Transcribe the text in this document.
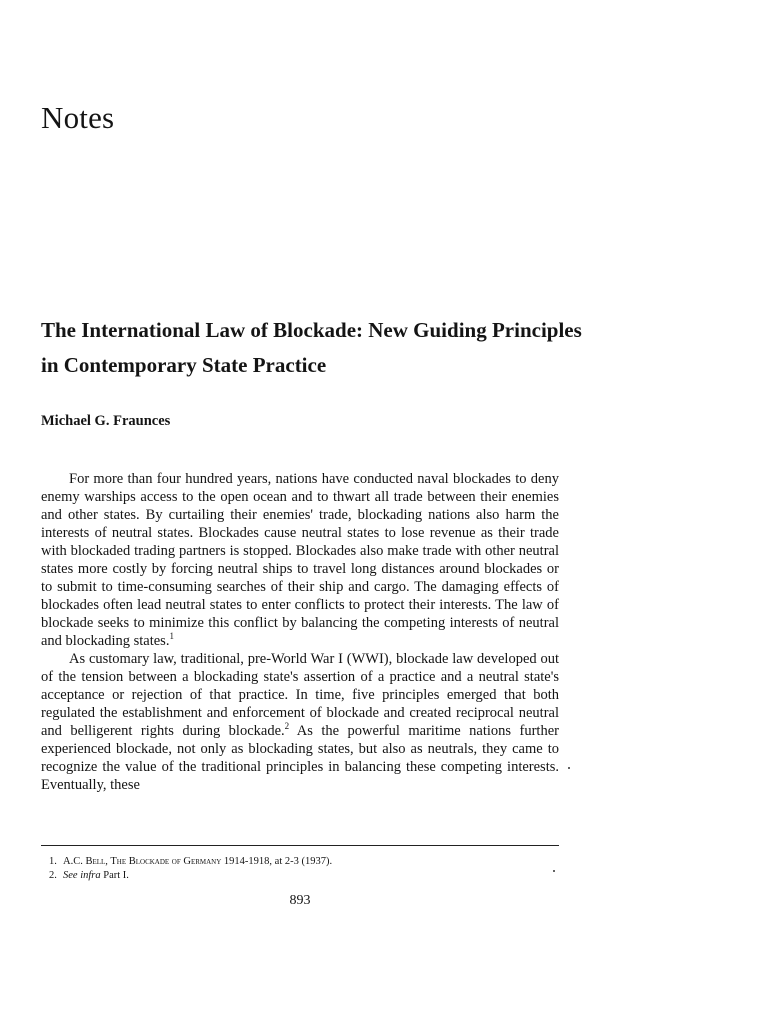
Notes
The International Law of Blockade: New Guiding Principles in Contemporary State Practice

Michael G. Fraunces

For more than four hundred years, nations have conducted naval blockades to deny enemy warships access to the open ocean and to thwart all trade between their enemies and other states. By curtailing their enemies' trade, blockading nations also harm the interests of neutral states. Blockades cause neutral states to lose revenue as their trade with blockaded trading partners is stopped. Blockades also make trade with other neutral states more costly by forcing neutral ships to travel long distances around blockades or to submit to time-consuming searches of their ship and cargo. The damaging effects of blockades often lead neutral states to enter conflicts to protect their interests. The law of blockade seeks to minimize this conflict by balancing the competing interests of neutral and blockading states.$^1$

As customary law, traditional, pre-World War I (WWI), blockade law developed out of the tension between a blockading state's assertion of a practice and a neutral state's acceptance or rejection of that practice. In time, five principles emerged that both regulated the establishment and enforcement of blockade and created reciprocal neutral and belligerent rights during blockade.$^2$ As the powerful maritime nations further experienced blockade, not only as blockading states, but also as neutrals, they came to recognize the value of the traditional principles in balancing these competing interests. Eventually, these

1. A.C. Bell, The Blockade of Germany 1914-1918, at 2-3 (1937).
2. See infra Part I.
893
